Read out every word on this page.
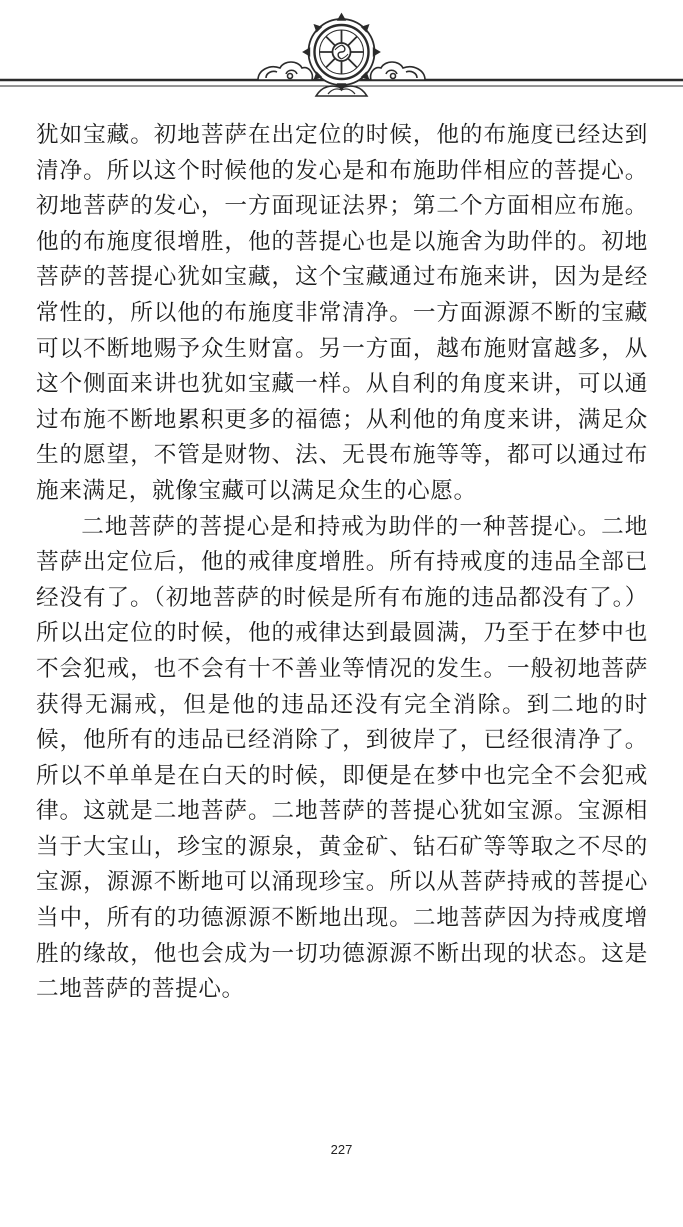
犹如宝藏。初地菩萨在出定位的时候，他的布施度已经达到清净。所以这个时候他的发心是和布施助伴相应的菩提心。初地菩萨的发心，一方面现证法界；第二个方面相应布施。他的布施度很增胜，他的菩提心也是以施舍为助伴的。初地菩萨的菩提心犹如宝藏，这个宝藏通过布施来讲，因为是经常性的，所以他的布施度非常清净。一方面源源不断的宝藏可以不断地赐予众生财富。另一方面，越布施财富越多，从这个侧面来讲也犹如宝藏一样。从自利的角度来讲，可以通过布施不断地累积更多的福德；从利他的角度来讲，满足众生的愿望，不管是财物、法、无畏布施等等，都可以通过布施来满足，就像宝藏可以满足众生的心愿。

二地菩萨的菩提心是和持戒为助伴的一种菩提心。二地菩萨出定位后，他的戒律度增胜。所有持戒度的违品全部已经没有了。（初地菩萨的时候是所有布施的违品都没有了。）所以出定位的时候，他的戒律达到最圆满，乃至于在梦中也不会犯戒，也不会有十不善业等情况的发生。一般初地菩萨获得无漏戒，但是他的违品还没有完全消除。到二地的时候，他所有的违品已经消除了，到彼岸了，已经很清净了。所以不单单是在白天的时候，即便是在梦中也完全不会犯戒律。这就是二地菩萨。二地菩萨的菩提心犹如宝源。宝源相当于大宝山，珍宝的源泉，黄金矿、钻石矿等等取之不尽的宝源，源源不断地可以涌现珍宝。所以从菩萨持戒的菩提心当中，所有的功德源源不断地出现。二地菩萨因为持戒度增胜的缘故，他也会成为一切功德源源不断出现的状态。这是二地菩萨的菩提心。

227
